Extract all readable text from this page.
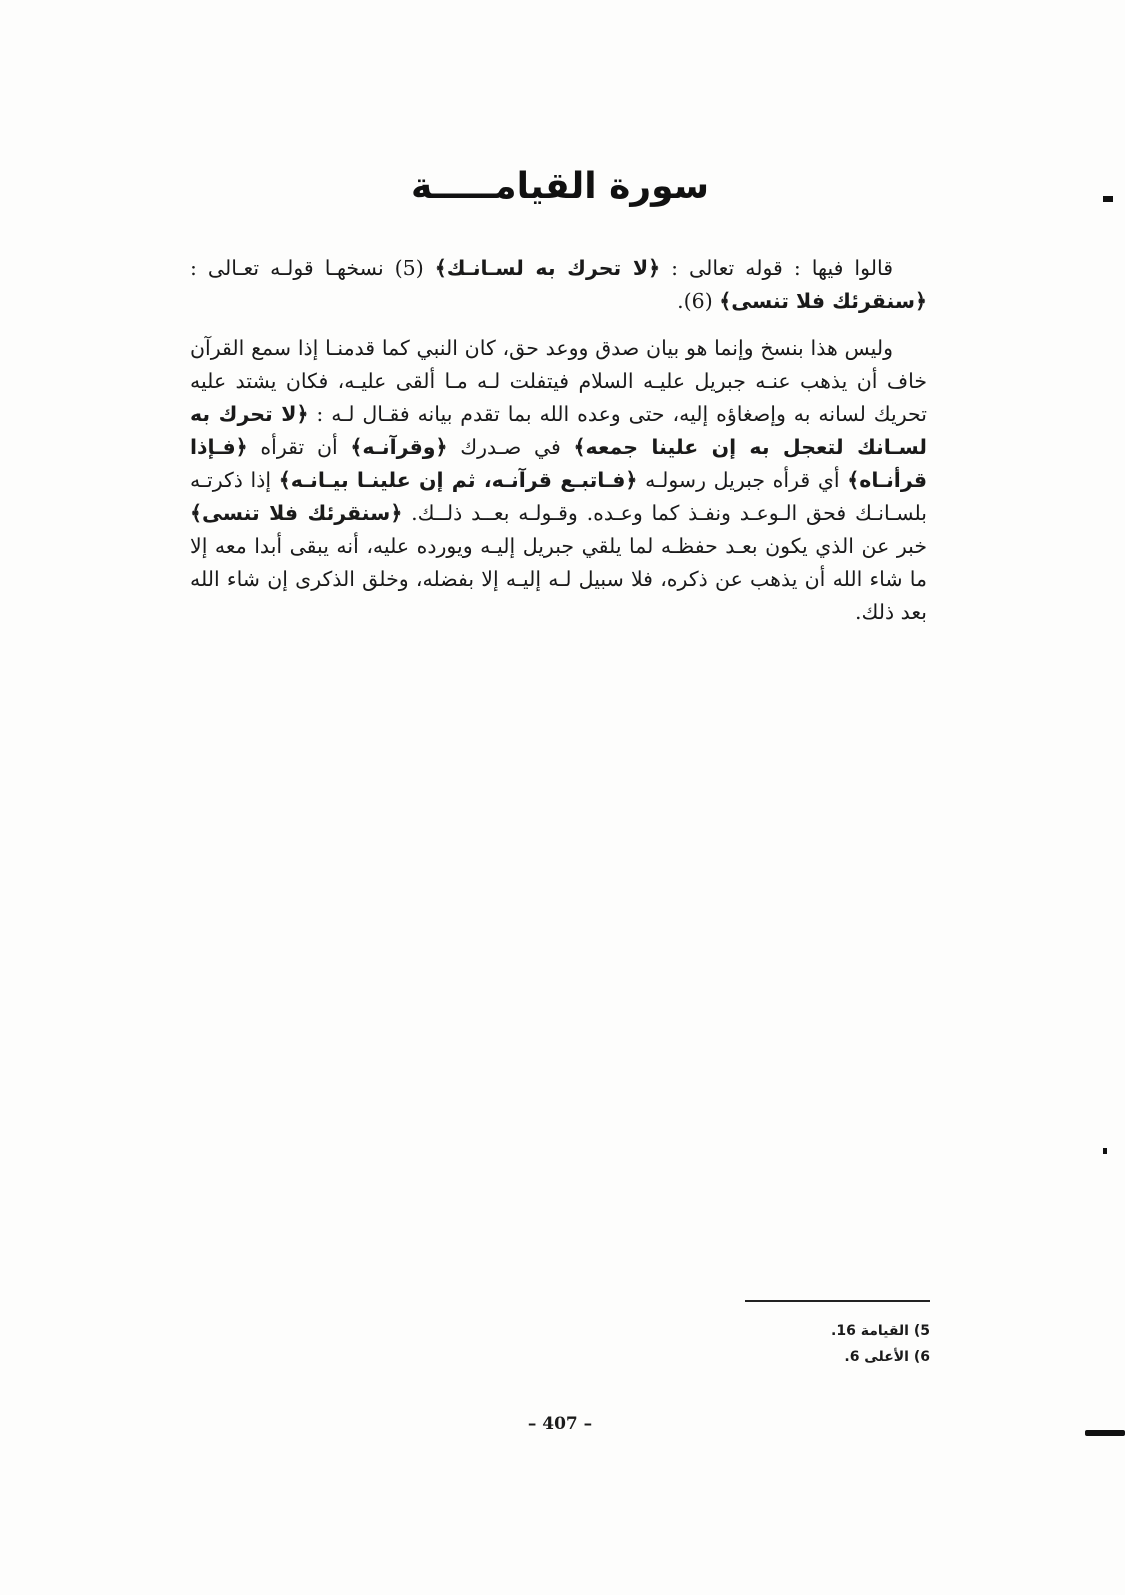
سورة القيامـــــة

قالوا فيها : قوله تعالى : ﴿لا تحرك به لسـانـك﴾ (5) نسخهـا قولـه تعـالى : ﴿سنقرئك فلا تنسى﴾ (6).

وليس هذا بنسخ وإنما هو بيان صدق ووعد حق، كان النبي كما قدمنـا إذا سمع القرآن خاف أن يذهب عنـه جبريل عليـه السلام فيتفلت لـه مـا ألقى عليـه، فكان يشتد عليه تحريك لسانه به وإصغاؤه إليه، حتى وعده الله بما تقدم بيانه فقـال لـه : ﴿لا تحرك به لسـانك لتعجل به إن علينا جمعه﴾ في صـدرك ﴿وقرآنـه﴾ أن تقرأه ﴿فـإذا قرأنـاه﴾ أي قرأه جبريل رسولـه ﴿فـاتبـع قرآنـه، ثم إن علينـا بيـانـه﴾ إذا ذكرتـه بلسـانـك فحق الـوعـد ونفـذ كما وعـده. وقـولـه بعــد ذلــك. ﴿سنقرئك فلا تنسى﴾ خبر عن الذي يكون بعـد حفظـه لما يلقي جبريل إليـه ويورده عليه، أنه يبقى أبدا معه إلا ما شاء الله أن يذهب عن ذكره، فلا سبيل لـه إليـه إلا بفضله، وخلق الذكرى إن شاء الله بعد ذلك.

5) القيامة 16.
6) الأعلى 6.
– 407 –
